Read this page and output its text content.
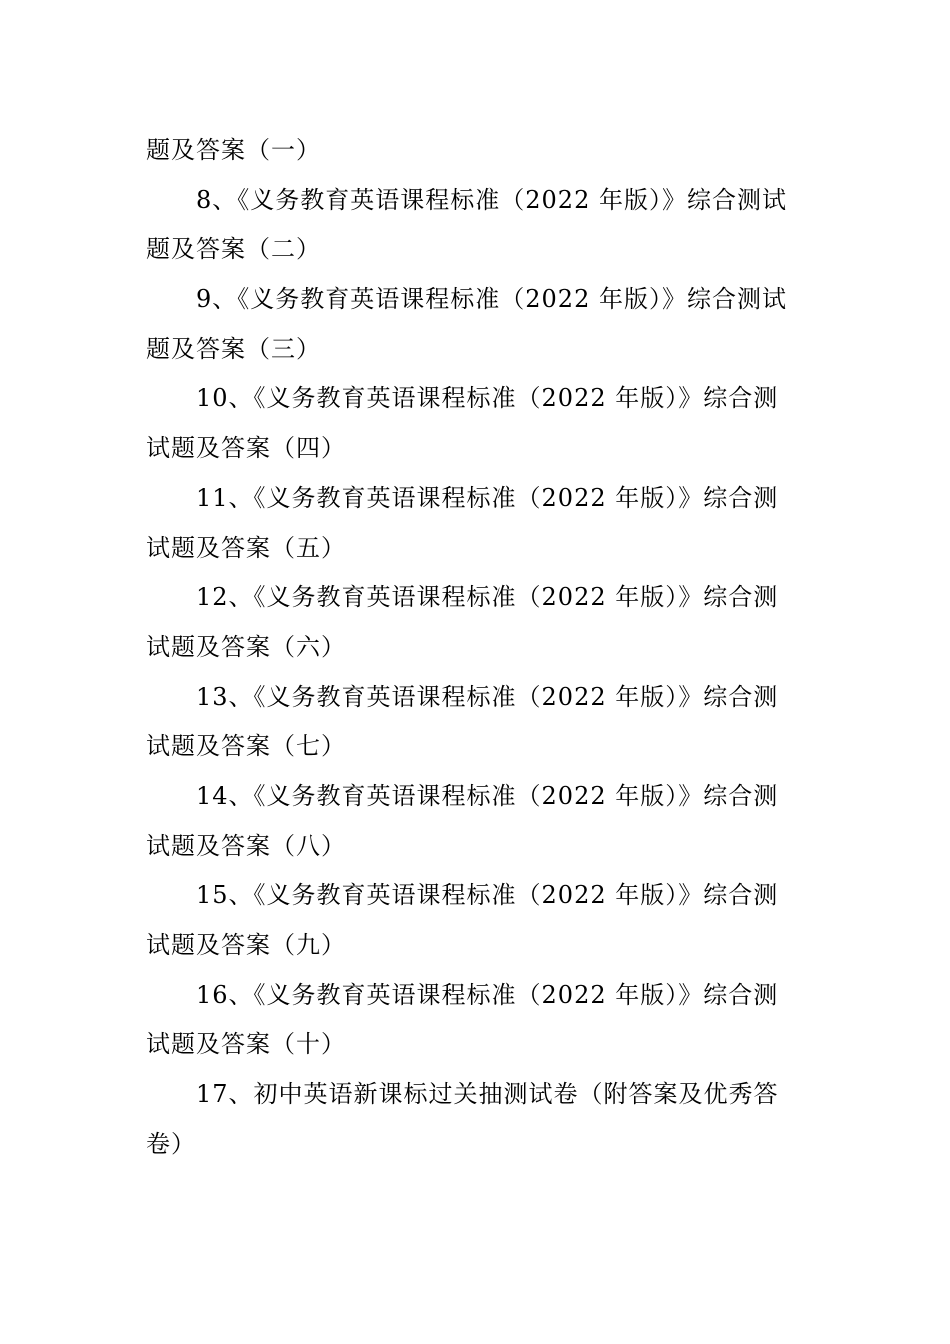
题及答案（一）
8、《义务教育英语课程标准（2022 年版）》综合测试
题及答案（二）
9、《义务教育英语课程标准（2022 年版）》综合测试
题及答案（三）
10、《义务教育英语课程标准（2022 年版）》综合测
试题及答案（四）
11、《义务教育英语课程标准（2022 年版）》综合测
试题及答案（五）
12、《义务教育英语课程标准（2022 年版）》综合测
试题及答案（六）
13、《义务教育英语课程标准（2022 年版）》综合测
试题及答案（七）
14、《义务教育英语课程标准（2022 年版）》综合测
试题及答案（八）
15、《义务教育英语课程标准（2022 年版）》综合测
试题及答案（九）
16、《义务教育英语课程标准（2022 年版）》综合测
试题及答案（十）
17、初中英语新课标过关抽测试卷（附答案及优秀答
卷）
